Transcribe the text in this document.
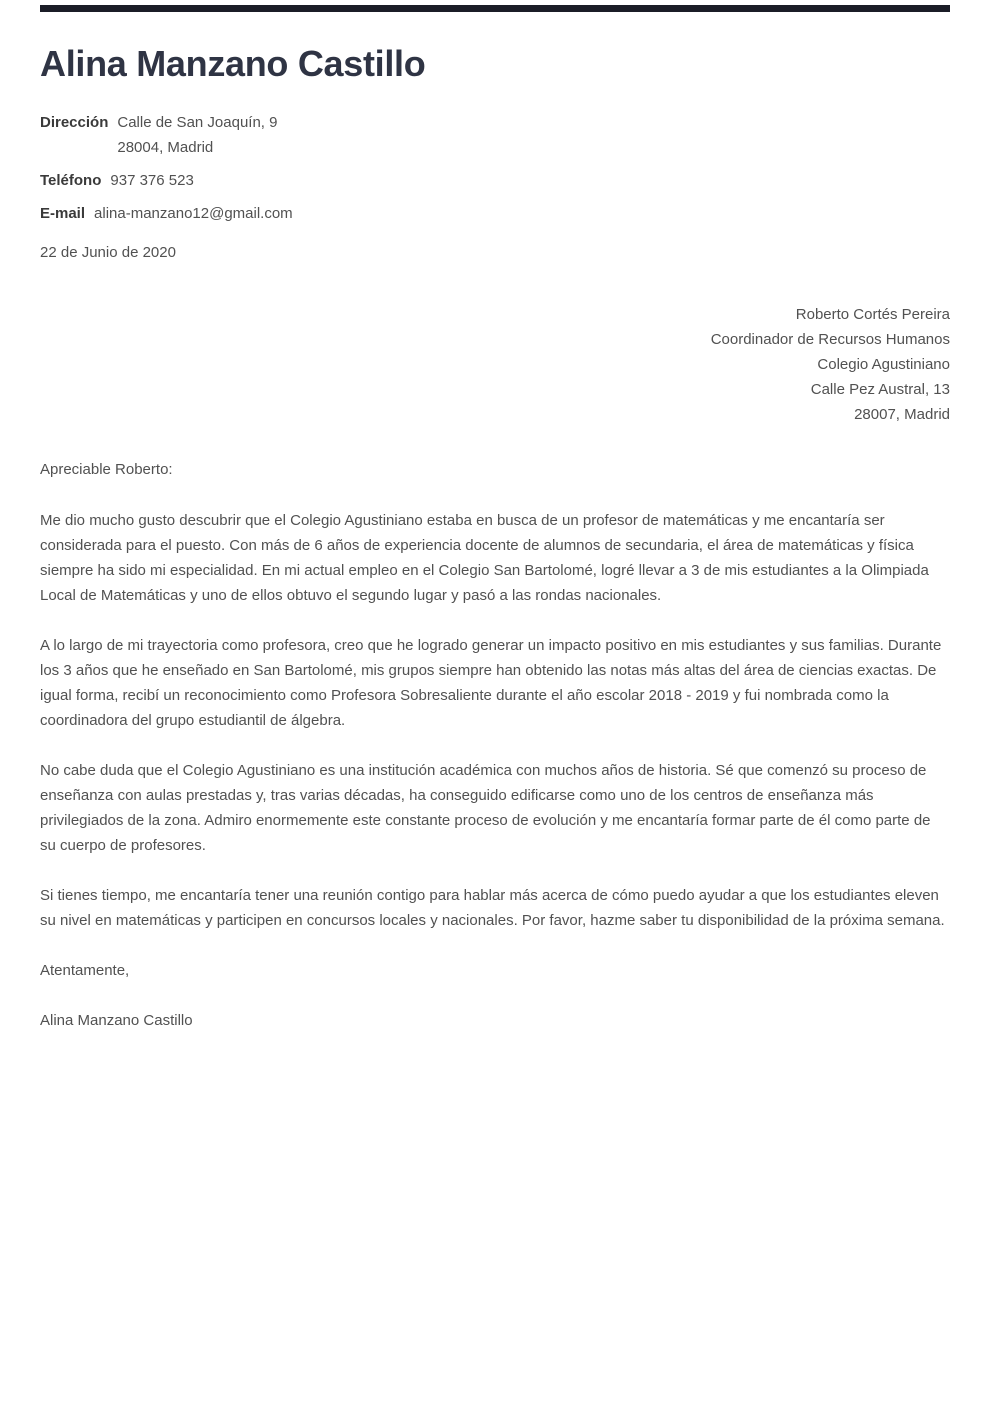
Alina Manzano Castillo
Dirección Calle de San Joaquín, 9
28004, Madrid
Teléfono 937 376 523
E-mail alina-manzano12@gmail.com
22 de Junio de 2020
Roberto Cortés Pereira
Coordinador de Recursos Humanos
Colegio Agustiniano
Calle Pez Austral, 13
28007, Madrid
Apreciable Roberto:

Me dio mucho gusto descubrir que el Colegio Agustiniano estaba en busca de un profesor de matemáticas y me encantaría ser considerada para el puesto. Con más de 6 años de experiencia docente de alumnos de secundaria, el área de matemáticas y física siempre ha sido mi especialidad. En mi actual empleo en el Colegio San Bartolomé, logré llevar a 3 de mis estudiantes a la Olimpiada Local de Matemáticas y uno de ellos obtuvo el segundo lugar y pasó a las rondas nacionales.

A lo largo de mi trayectoria como profesora, creo que he logrado generar un impacto positivo en mis estudiantes y sus familias. Durante los 3 años que he enseñado en San Bartolomé, mis grupos siempre han obtenido las notas más altas del área de ciencias exactas. De igual forma, recibí un reconocimiento como Profesora Sobresaliente durante el año escolar 2018 - 2019 y fui nombrada como la coordinadora del grupo estudiantil de álgebra.

No cabe duda que el Colegio Agustiniano es una institución académica con muchos años de historia. Sé que comenzó su proceso de enseñanza con aulas prestadas y, tras varias décadas, ha conseguido edificarse como uno de los centros de enseñanza más privilegiados de la zona. Admiro enormemente este constante proceso de evolución y me encantaría formar parte de él como parte de su cuerpo de profesores.

Si tienes tiempo, me encantaría tener una reunión contigo para hablar más acerca de cómo puedo ayudar a que los estudiantes eleven su nivel en matemáticas y participen en concursos locales y nacionales. Por favor, hazme saber tu disponibilidad de la próxima semana.

Atentamente,
Alina Manzano Castillo
